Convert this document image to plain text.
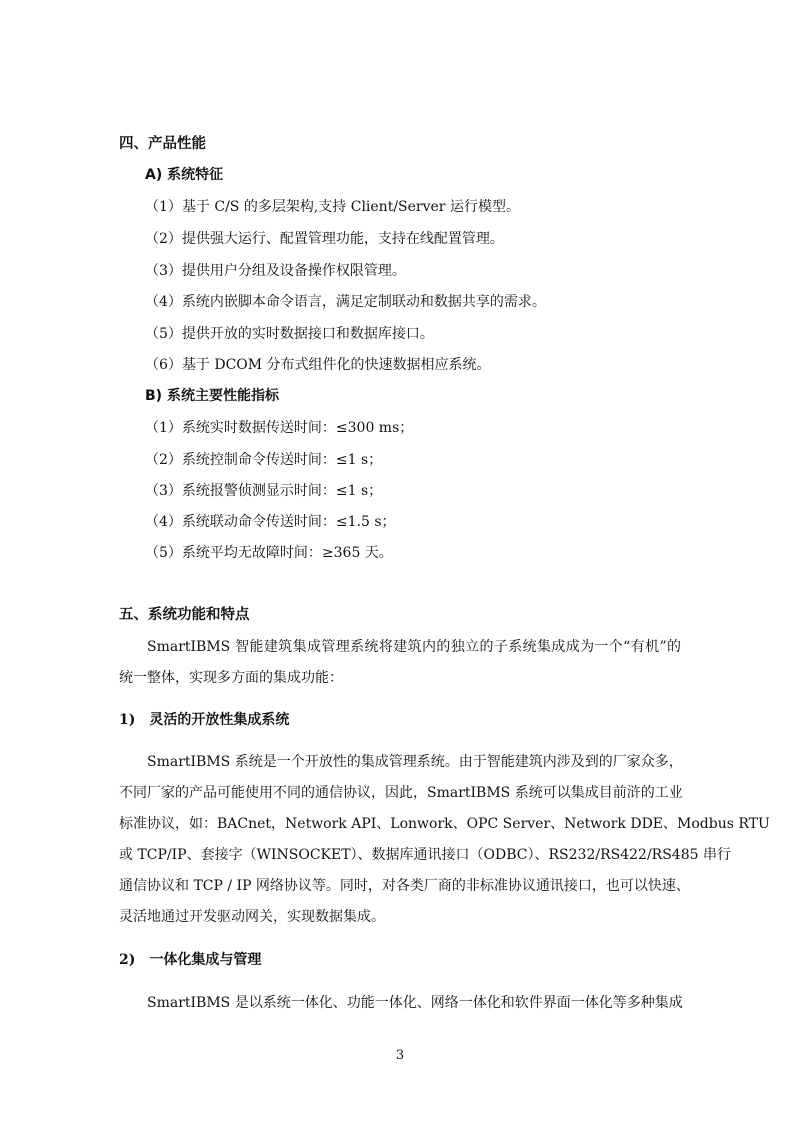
四、产品性能
A) 系统特征
（1）基于 C/S 的多层架构,支持 Client/Server 运行模型。
（2）提供强大运行、配置管理功能，支持在线配置管理。
（3）提供用户分组及设备操作权限管理。
（4）系统内嵌脚本命令语言，满足定制联动和数据共享的需求。
（5）提供开放的实时数据接口和数据库接口。
（6）基于 DCOM 分布式组件化的快速数据相应系统。
B) 系统主要性能指标
（1）系统实时数据传送时间：≤300 ms；
（2）系统控制命令传送时间：≤1 s；
（3）系统报警侦测显示时间：≤1 s；
（4）系统联动命令传送时间：≤1.5 s；
（5）系统平均无故障时间：≥365 天。
五、系统功能和特点
SmartIBMS 智能建筑集成管理系统将建筑内的独立的子系统集成成为一个“有机”的
统一整体，实现多方面的集成功能：
1)　灵活的开放性集成系统
SmartIBMS 系统是一个开放性的集成管理系统。由于智能建筑内涉及到的厂家众多，
不同厂家的产品可能使用不同的通信协议，因此，SmartIBMS 系统可以集成目前浒的工业
标准协议，如：BACnet，Network API、Lonwork、OPC Server、Network DDE、Modbus RTU
或 TCP/IP、套接字（WINSOCKET）、数据库通讯接口（ODBC）、RS232/RS422/RS485 串行
通信协议和 TCP / IP 网络协议等。同时，对各类厂商的非标准协议通讯接口，也可以快速、
灵活地通过开发驱动网关，实现数据集成。
2)　一体化集成与管理
SmartIBMS 是以系统一体化、功能一体化、网络一体化和软件界面一体化等多种集成
3
